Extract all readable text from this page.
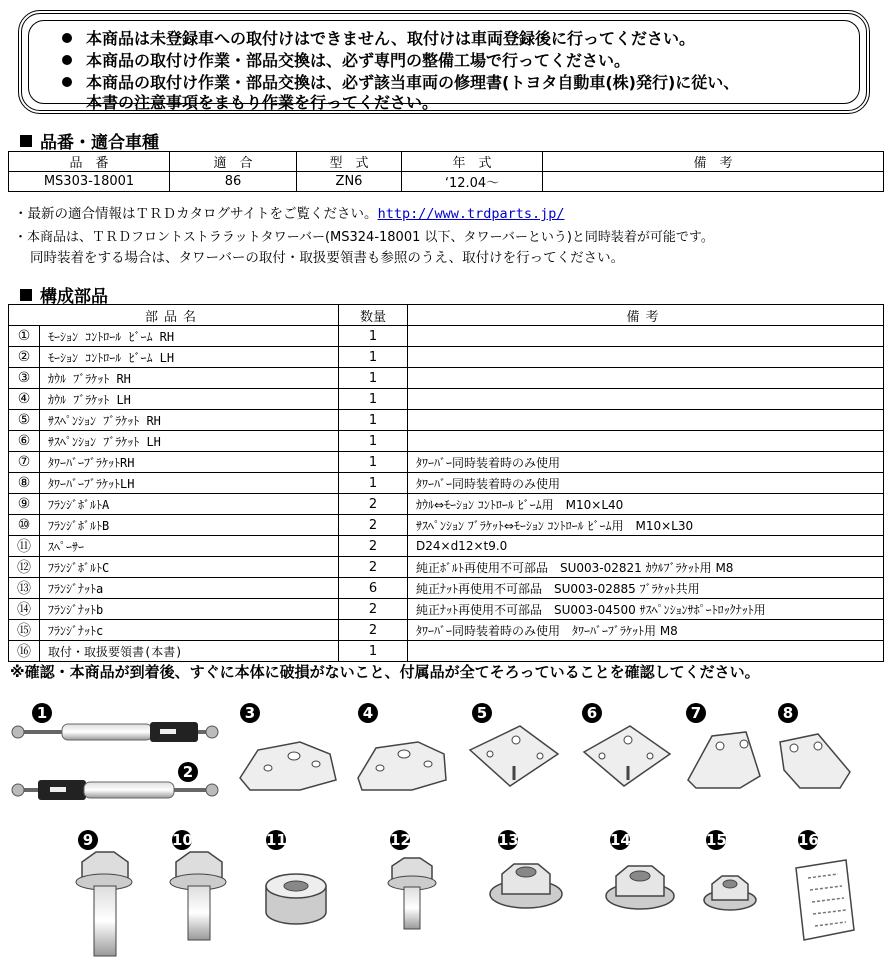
本商品は未登録車への取付けはできません、取付けは車両登録後に行ってください。
本商品の取付け作業・部品交換は、必ず専門の整備工場で行ってください。
本商品の取付け作業・部品交換は、必ず該当車両の修理書(トヨタ自動車(株)発行)に従い、
本書の注意事項をまもり作業を行ってください。
品番・適合車種
品　番	適　合	型　式	年　式	備　考
MS303-18001	86	ZN6	‘12.04～	
・最新の適合情報はＴＲＤカタログサイトをご覧ください。http://www.trdparts.jp/
・本商品は、ＴＲＤフロントストララットタワーバー(MS324-18001 以下、タワーバーという)と同時装着が可能です。
同時装着をする場合は、タワーバーの取付・取扱要領書も参照のうえ、取付けを行ってください。
構成部品
部品名		数量	備考
①	ﾓｰｼｮﾝ ｺﾝﾄﾛｰﾙ ﾋﾞｰﾑ RH	1	
②	ﾓｰｼｮﾝ ｺﾝﾄﾛｰﾙ ﾋﾞｰﾑ LH	1	
③	ｶｳﾙ ﾌﾞﾗｹｯﾄ RH	1	
④	ｶｳﾙ ﾌﾞﾗｹｯﾄ LH	1	
⑤	ｻｽﾍﾟﾝｼｮﾝ ﾌﾞﾗｹｯﾄ RH	1	
⑥	ｻｽﾍﾟﾝｼｮﾝ ﾌﾞﾗｹｯﾄ LH	1	
⑦	ﾀﾜｰﾊﾞｰﾌﾞﾗｹｯﾄRH	1	ﾀﾜｰﾊﾞｰ同時装着時のみ使用
⑧	ﾀﾜｰﾊﾞｰﾌﾞﾗｹｯﾄLH	1	ﾀﾜｰﾊﾞｰ同時装着時のみ使用
⑨	ﾌﾗﾝｼﾞﾎﾞﾙﾄA	2	ｶｳﾙ⇔ﾓｰｼｮﾝ ｺﾝﾄﾛｰﾙ ﾋﾞｰﾑ用　M10×L40
⑩	ﾌﾗﾝｼﾞﾎﾞﾙﾄB	2	ｻｽﾍﾟﾝｼｮﾝ ﾌﾞﾗｹｯﾄ⇔ﾓｰｼｮﾝ ｺﾝﾄﾛｰﾙ ﾋﾞｰﾑ用　M10×L30
⑪	ｽﾍﾟｰｻｰ	2	D24×d12×t9.0
⑫	ﾌﾗﾝｼﾞﾎﾞﾙﾄC	2	純正ﾎﾞﾙﾄ再使用不可部品　SU003-02821 ｶｳﾙﾌﾞﾗｹｯﾄ用 M8
⑬	ﾌﾗﾝｼﾞﾅｯﾄa	6	純正ﾅｯﾄ再使用不可部品　SU003-02885 ﾌﾞﾗｹｯﾄ共用
⑭	ﾌﾗﾝｼﾞﾅｯﾄb	2	純正ﾅｯﾄ再使用不可部品　SU003-04500 ｻｽﾍﾟﾝｼｮﾝｻﾎﾟｰﾄﾛｯｸﾅｯﾄ用
⑮	ﾌﾗﾝｼﾞﾅｯﾄc	2	ﾀﾜｰﾊﾞｰ同時装着時のみ使用　ﾀﾜｰﾊﾞｰﾌﾞﾗｹｯﾄ用 M8
⑯	取付・取扱要領書(本書)	1	
※確認・本商品が到着後、すぐに本体に破損がないこと、付属品が全てそろっていることを確認してください。
1
2
3	4	5	6	7	8
9	10	11	12	13	14	15	16
